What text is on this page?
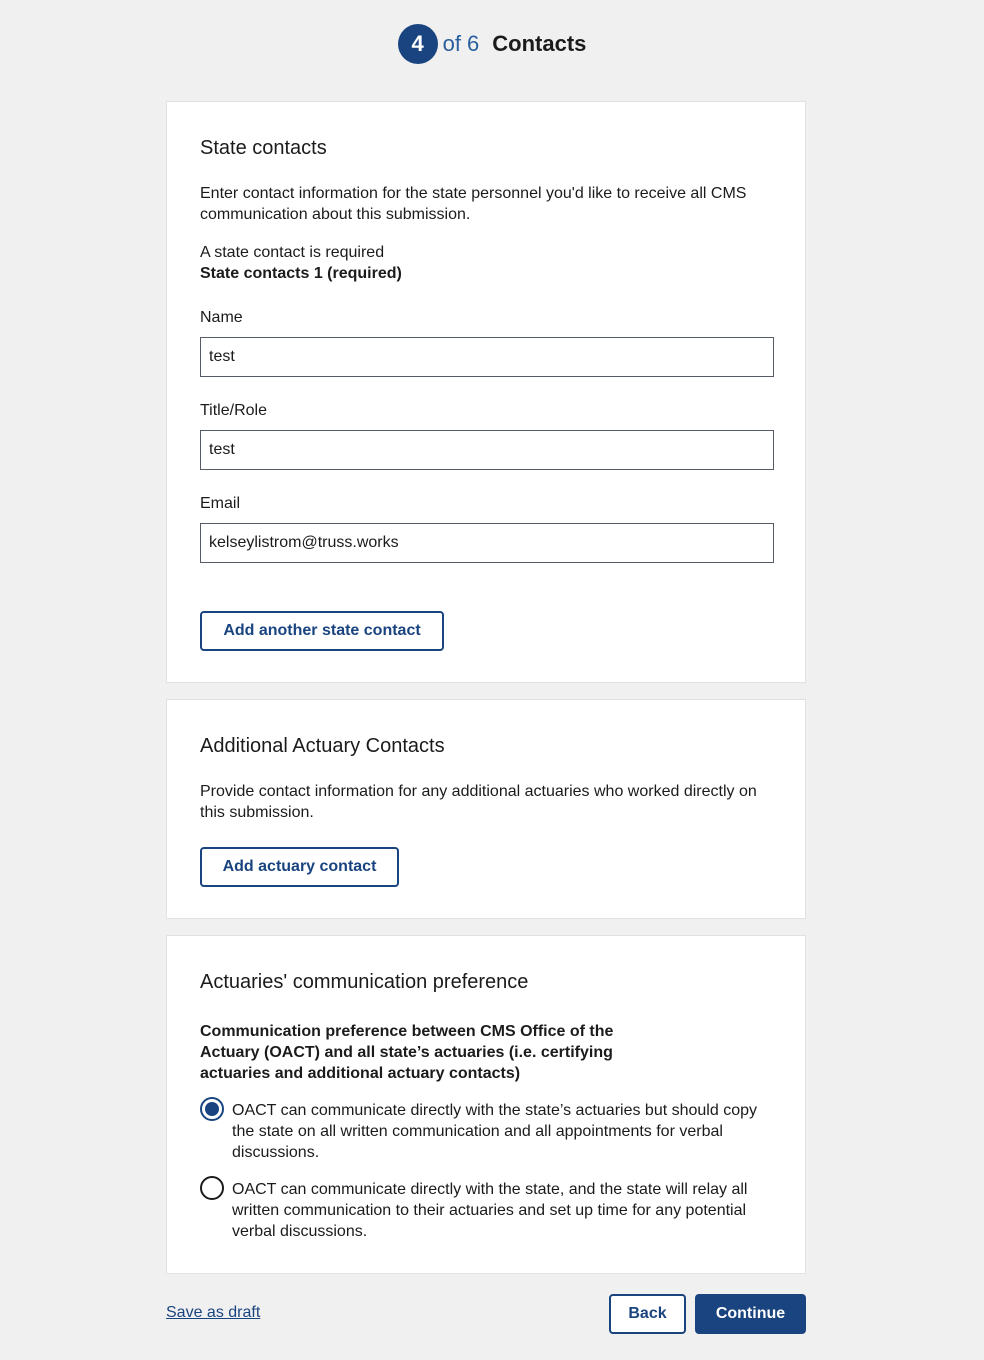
4 of 6 Contacts
State contacts

Enter contact information for the state personnel you'd like to receive all CMS communication about this submission.

A state contact is required

State contacts 1 (required)

Name
test
Title/Role
test
Email
kelseylistrom@truss.works
Add another state contact
Additional Actuary Contacts

Provide contact information for any additional actuaries who worked directly on this submission.

Add actuary contact
Actuaries' communication preference

Communication preference between CMS Office of the Actuary (OACT) and all state’s actuaries (i.e. certifying actuaries and additional actuary contacts)

OACT can communicate directly with the state’s actuaries but should copy the state on all written communication and all appointments for verbal discussions.
OACT can communicate directly with the state, and the state will relay all written communication to their actuaries and set up time for any potential verbal discussions.
Save as draft	Back	Continue
